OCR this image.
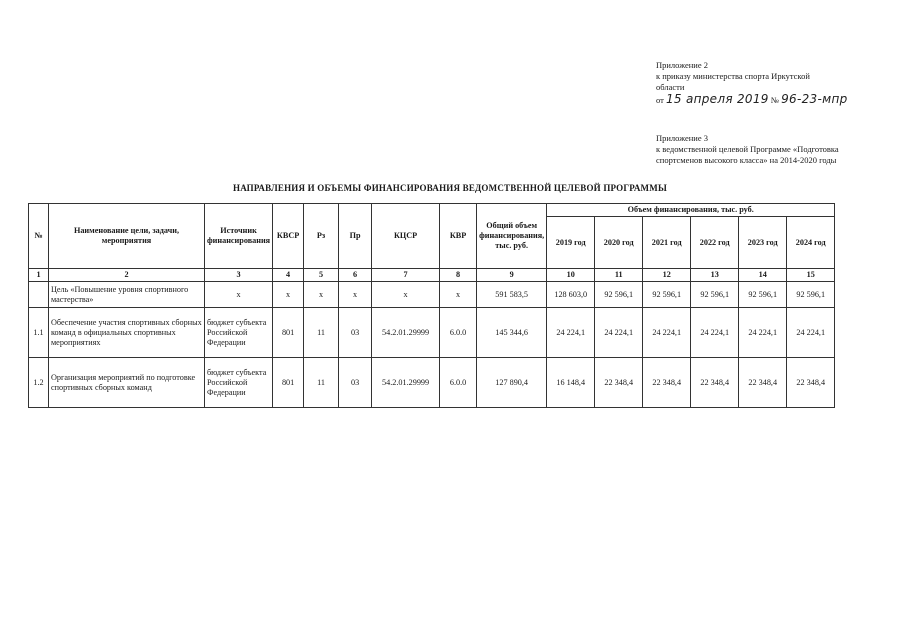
Приложение 2
к приказу министерства спорта Иркутской
области
от 15 апреля 2019 № 96-23-мпр
Приложение 3
к ведомственной целевой Программе «Подготовка
спортсменов высокого класса» на 2014-2020 годы
НАПРАВЛЕНИЯ И ОБЪЕМЫ ФИНАНСИРОВАНИЯ ВЕДОМСТВЕННОЙ ЦЕЛЕВОЙ ПРОГРАММЫ
№	Наименование цели, задачи, мероприятия	Источник финансирования	КВСР	Рз	Пр	КЦСР	КВР	Общий объем финансирования, тыс. руб.	Объем финансирования, тыс. руб.					
									2019 год	2020 год	2021 год	2022 год	2023 год	2024 год
1	2	3	4	5	6	7	8	9	10	11	12	13	14	15
	Цель «Повышение уровня спортивного мастерства»	х	х	х	х	х	х	591 583,5	128 603,0	92 596,1	92 596,1	92 596,1	92 596,1	92 596,1
1.1	Обеспечение участия спортивных сборных команд в официальных спортивных мероприятиях	бюджет субъекта Российской Федерации	801	11	03	54.2.01.29999	6.0.0	145 344,6	24 224,1	24 224,1	24 224,1	24 224,1	24 224,1	24 224,1
1.2	Организация мероприятий по подготовке спортивных сборных команд	бюджет субъекта Российской Федерации	801	11	03	54.2.01.29999	6.0.0	127 890,4	16 148,4	22 348,4	22 348,4	22 348,4	22 348,4	22 348,4
